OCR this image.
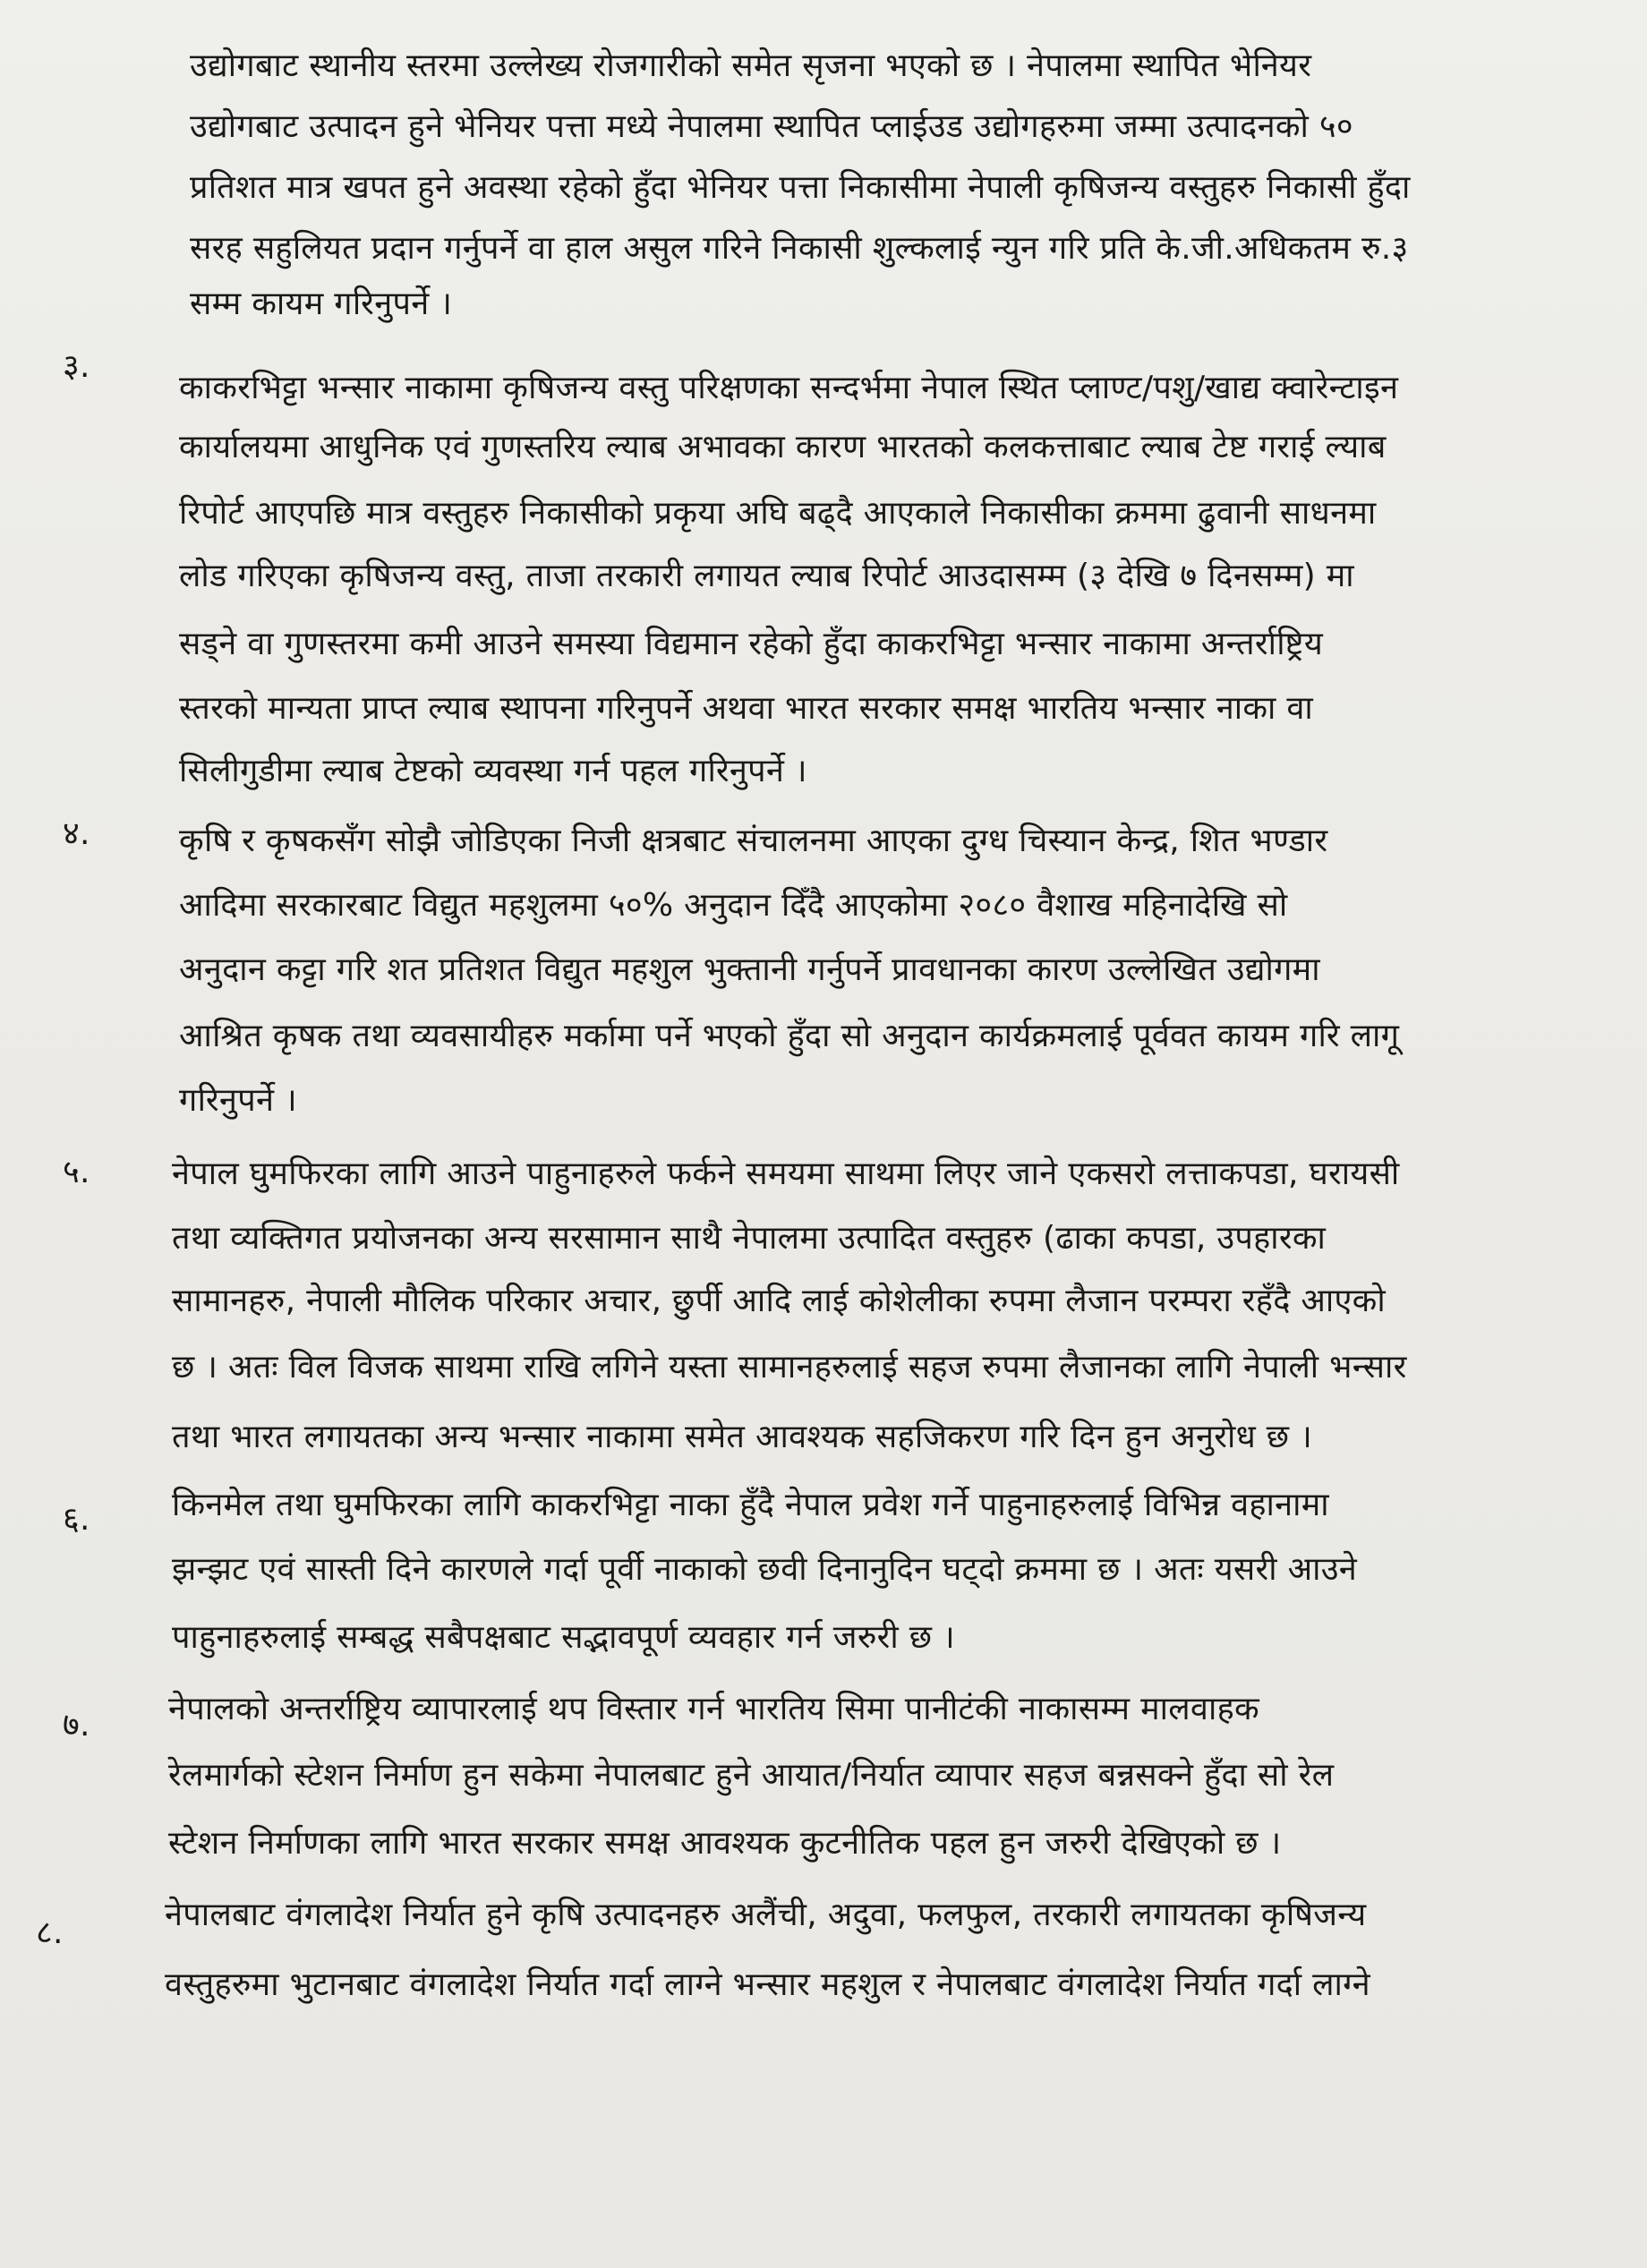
उद्योगबाट स्थानीय स्तरमा उल्लेख्य रोजगारीको समेत सृजना भएको छ । नेपालमा स्थापित भेनियर
उद्योगबाट उत्पादन हुने भेनियर पत्ता मध्ये नेपालमा स्थापित प्लाईउड उद्योगहरुमा जम्मा उत्पादनको ५०
प्रतिशत मात्र खपत हुने अवस्था रहेको हुँदा भेनियर पत्ता निकासीमा नेपाली कृषिजन्य वस्तुहरु निकासी हुँदा
सरह सहुलियत प्रदान गर्नुपर्ने वा हाल असुल गरिने निकासी शुल्कलाई न्युन गरि प्रति के.जी.अधिकतम रु.३
सम्म कायम गरिनुपर्ने ।
३.
काकरभिट्टा भन्सार नाकामा कृषिजन्य वस्तु परिक्षणका सन्दर्भमा नेपाल स्थित प्लाण्ट/पशु/खाद्य क्वारेन्टाइन
कार्यालयमा आधुनिक एवं गुणस्तरिय ल्याब अभावका कारण भारतको कलकत्ताबाट ल्याब टेष्ट गराई ल्याब
रिपोर्ट आएपछि मात्र वस्तुहरु निकासीको प्रकृया अघि बढ्दै आएकाले निकासीका क्रममा ढुवानी साधनमा
लोड गरिएका कृषिजन्य वस्तु, ताजा तरकारी लगायत ल्याब रिपोर्ट आउदासम्म (३ देखि ७ दिनसम्म) मा
सड्ने वा गुणस्तरमा कमी आउने समस्या विद्यमान रहेको हुँदा काकरभिट्टा भन्सार नाकामा अन्तर्राष्ट्रिय
स्तरको मान्यता प्राप्त ल्याब स्थापना गरिनुपर्ने अथवा भारत सरकार समक्ष भारतिय भन्सार नाका वा
सिलीगुडीमा ल्याब टेष्टको व्यवस्था गर्न पहल गरिनुपर्ने ।
४.	कृषि र कृषकसँग सोझै जोडिएका निजी क्षत्रबाट संचालनमा आएका दुग्ध चिस्यान केन्द्र, शित भण्डार
आदिमा सरकारबाट विद्युत महशुलमा ५०% अनुदान दिँदै आएकोमा २०८० वैशाख महिनादेखि सो
अनुदान कट्टा गरि शत प्रतिशत विद्युत महशुल भुक्तानी गर्नुपर्ने प्रावधानका कारण उल्लेखित उद्योगमा
आश्रित कृषक तथा व्यवसायीहरु मर्कामा पर्ने भएको हुँदा सो अनुदान कार्यक्रमलाई पूर्ववत कायम गरि लागू
गरिनुपर्ने ।
५.	नेपाल घुमफिरका लागि आउने पाहुनाहरुले फर्कने समयमा साथमा लिएर जाने एकसरो लत्ताकपडा, घरायसी
तथा व्यक्तिगत प्रयोजनका अन्य सरसामान साथै नेपालमा उत्पादित वस्तुहरु (ढाका कपडा, उपहारका
सामानहरु, नेपाली मौलिक परिकार अचार, छुर्पी आदि लाई कोशेलीका रुपमा लैजान परम्परा रहँदै आएको
छ । अतः विल विजक साथमा राखि लगिने यस्ता सामानहरुलाई सहज रुपमा लैजानका लागि नेपाली भन्सार
तथा भारत लगायतका अन्य भन्सार नाकामा समेत आवश्यक सहजिकरण गरि दिन हुन अनुरोध छ ।
६.	किनमेल तथा घुमफिरका लागि काकरभिट्टा नाका हुँदै नेपाल प्रवेश गर्ने पाहुनाहरुलाई विभिन्न वहानामा
झन्झट एवं सास्ती दिने कारणले गर्दा पूर्वी नाकाको छवी दिनानुदिन घट्दो क्रममा छ । अतः यसरी आउने
पाहुनाहरुलाई सम्बद्ध सबैपक्षबाट सद्भावपूर्ण व्यवहार गर्न जरुरी छ ।
७. नेपालको अन्तर्राष्ट्रिय व्यापारलाई थप विस्तार गर्न भारतिय सिमा पानीटंकी नाकासम्म मालवाहक
रेलमार्गको स्टेशन निर्माण हुन सकेमा नेपालबाट हुने आयात/निर्यात व्यापार सहज बन्नसक्ने हुँदा सो रेल
स्टेशन निर्माणका लागि भारत सरकार समक्ष आवश्यक कुटनीतिक पहल हुन जरुरी देखिएको छ ।
८.	नेपालबाट वंगलादेश निर्यात हुने कृषि उत्पादनहरु अलैंची, अदुवा, फलफुल, तरकारी लगायतका कृषिजन्य
वस्तुहरुमा भुटानबाट वंगलादेश निर्यात गर्दा लाग्ने भन्सार महशुल र नेपालबाट वंगलादेश निर्यात गर्दा लाग्ने
